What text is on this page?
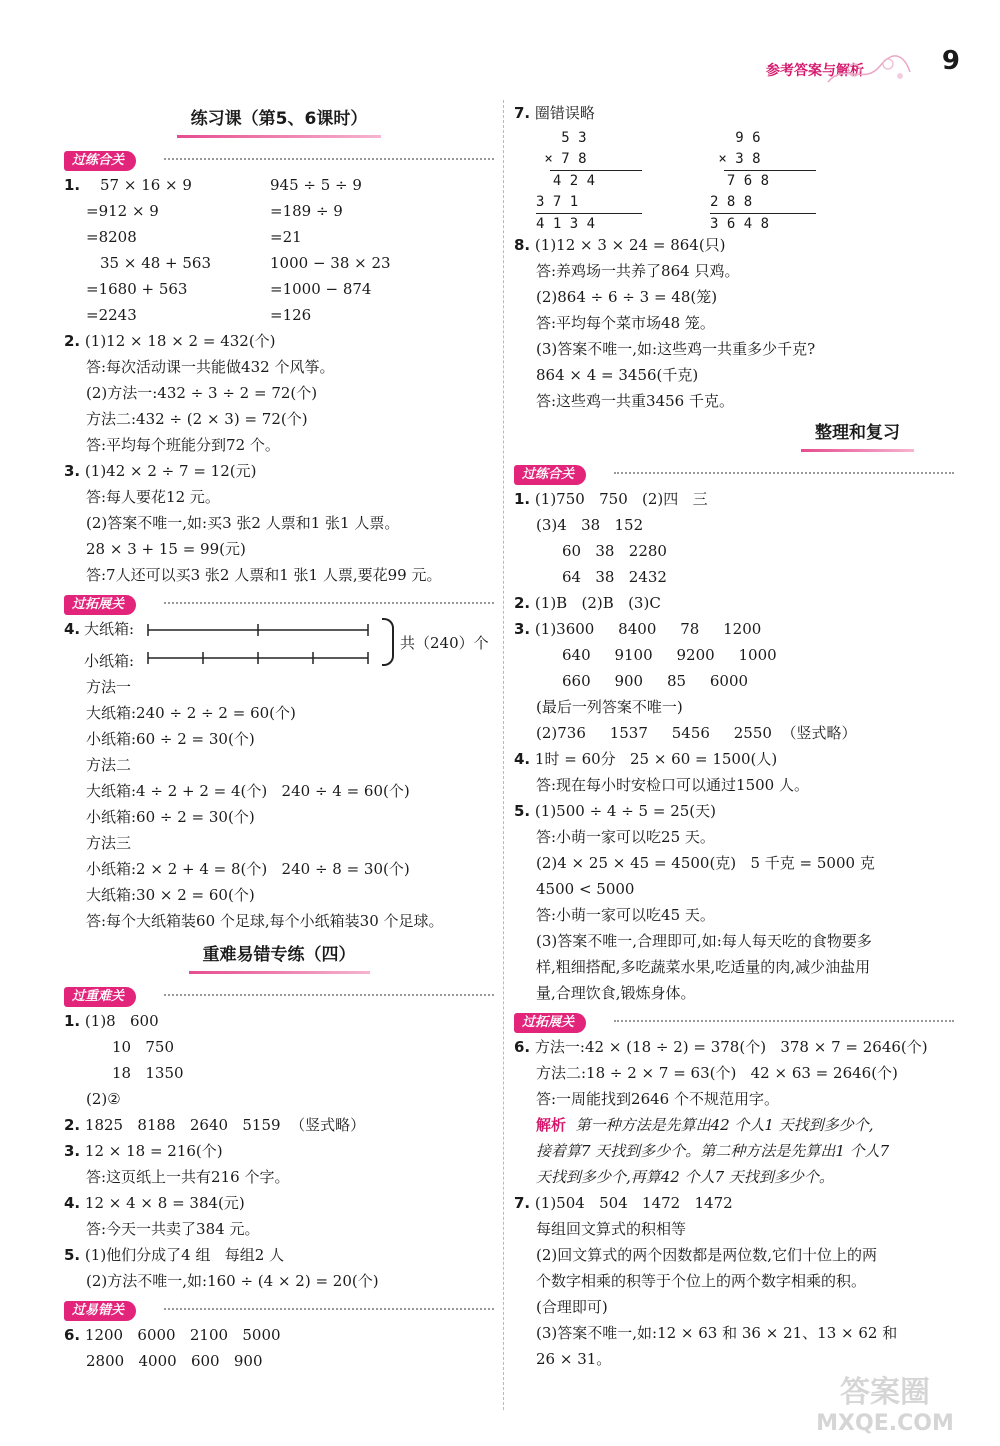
参考答案与解析	9
练习课（第5、6课时）
过练合关
1. 57 × 16 × 9	945 ÷ 5 ÷ 9
=912 × 9	=189 ÷ 9
=8208	=21
35 × 48 + 563	1000 − 38 × 23
=1680 + 563	=1000 − 874
=2243	=126
2. (1)12 × 18 × 2 = 432(个)
答:每次活动课一共能做432 个风筝。
(2)方法一:432 ÷ 3 ÷ 2 = 72(个)
方法二:432 ÷ (2 × 3) = 72(个)
答:平均每个班能分到72 个。
3. (1)42 × 2 ÷ 7 = 12(元)
答:每人要花12 元。
(2)答案不唯一,如:买3 张2 人票和1 张1 人票。
28 × 3 + 15 = 99(元)
答:7人还可以买3 张2 人票和1 张1 人票,要花99 元。
过拓展关
4. 大纸箱:
小纸箱:
共（240）个
方法一
大纸箱:240 ÷ 2 ÷ 2 = 60(个)
小纸箱:60 ÷ 2 = 30(个)
方法二
大纸箱:4 ÷ 2 + 2 = 4(个)   240 ÷ 4 = 60(个)
小纸箱:60 ÷ 2 = 30(个)
方法三
小纸箱:2 × 2 + 4 = 8(个)   240 ÷ 8 = 30(个)
大纸箱:30 × 2 = 60(个)
答:每个大纸箱装60 个足球,每个小纸箱装30 个足球。
重难易错专练（四）
过重难关
1. (1)8   600
10   750
18   1350
(2)②
2. 1825   8188   2640   5159  （竖式略）
3. 12 × 18 = 216(个)
答:这页纸上一共有216 个字。
4. 12 × 4 × 8 = 384(元)
答:今天一共卖了384 元。
5. (1)他们分成了4 组   每组2 人
(2)方法不唯一,如:160 ÷ (4 × 2) = 20(个)
过易错关
6. 1200   6000   2100   5000
2800   4000   600   900
7. 圈错误略
5 3
× 7 8
4 2 4
3 7 1
4 1 3 4
9 6
× 3 8
7 6 8
2 8 8
3 6 4 8
8. (1)12 × 3 × 24 = 864(只)
答:养鸡场一共养了864 只鸡。
(2)864 ÷ 6 ÷ 3 = 48(笼)
答:平均每个菜市场48 笼。
(3)答案不唯一,如:这些鸡一共重多少千克?
864 × 4 = 3456(千克)
答:这些鸡一共重3456 千克。
整理和复习
过练合关
1. (1)750   750   (2)四   三
(3)4   38   152
60   38   2280
64   38   2432
2. (1)B   (2)B   (3)C
3. (1)3600     8400     78     1200
640     9100     9200     1000
660     900     85     6000
(最后一列答案不唯一)
(2)736     1537     5456     2550  （竖式略）
4. 1时 = 60分   25 × 60 = 1500(人)
答:现在每小时安检口可以通过1500 人。
5. (1)500 ÷ 4 ÷ 5 = 25(天)
答:小萌一家可以吃25 天。
(2)4 × 25 × 45 = 4500(克)   5 千克 = 5000 克
4500 < 5000
答:小萌一家可以吃45 天。
(3)答案不唯一,合理即可,如:每人每天吃的食物要多
样,粗细搭配,多吃蔬菜水果,吃适量的肉,减少油盐用
量,合理饮食,锻炼身体。
过拓展关
6. 方法一:42 × (18 ÷ 2) = 378(个)   378 × 7 = 2646(个)
方法二:18 ÷ 2 × 7 = 63(个)   42 × 63 = 2646(个)
答:一周能找到2646 个不规范用字。
解析 第一种方法是先算出42 个人1 天找到多少个,
接着算7 天找到多少个。第二种方法是先算出1 个人7
天找到多少个,再算42 个人7 天找到多少个。
7. (1)504   504   1472   1472
每组回文算式的积相等
(2)回文算式的两个因数都是两位数,它们十位上的两
个数字相乘的积等于个位上的两个数字相乘的积。
(合理即可)
(3)答案不唯一,如:12 × 63 和 36 × 21、13 × 62 和
26 × 31。
答案圈
MXQE.COM
